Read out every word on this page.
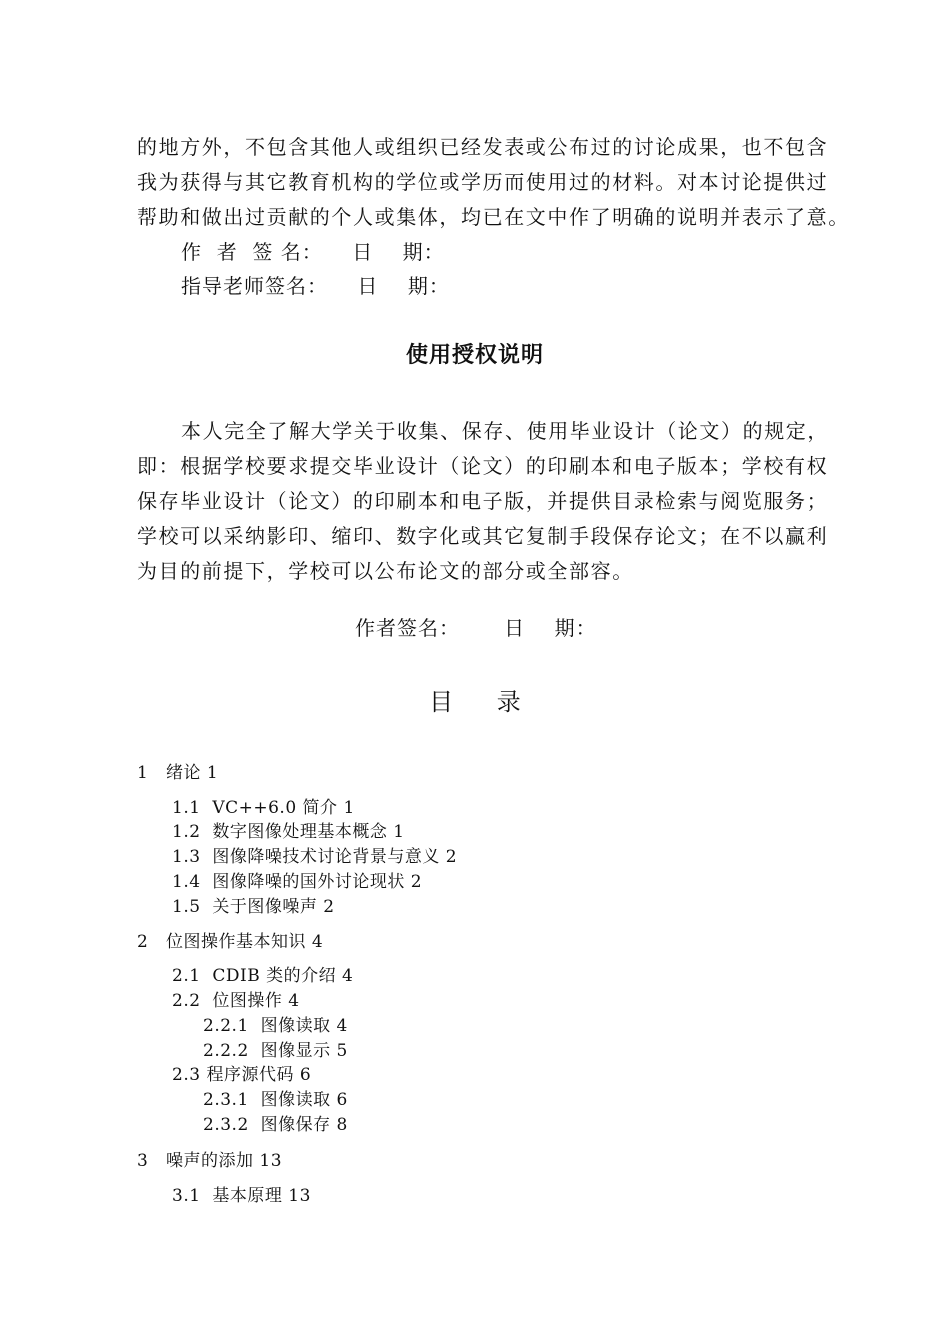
的地方外，不包含其他人或组织已经发表或公布过的讨论成果，也不包含

我为获得与其它教育机构的学位或学历而使用过的材料。对本讨论提供过

帮助和做出过贡献的个人或集体，均已在文中作了明确的说明并表示了意。

作  者  签 名：    日    期：
指导老师签名：    日    期：
使用授权说明

本人完全了解大学关于收集、保存、使用毕业设计（论文）的规定，

即：根据学校要求提交毕业设计（论文）的印刷本和电子版本；学校有权

保存毕业设计（论文）的印刷本和电子版，并提供目录检索与阅览服务；

学校可以采纳影印、缩印、数字化或其它复制手段保存论文；在不以赢利

为目的前提下，学校可以公布论文的部分或全部容。

作者签名：      日    期：
目 录
1   绪论 1
1.1  VC++6.0 简介 1
1.2  数字图像处理基本概念 1
1.3  图像降噪技术讨论背景与意义 2
1.4  图像降噪的国外讨论现状 2
1.5  关于图像噪声 2
2   位图操作基本知识 4
2.1  CDIB 类的介绍 4
2.2  位图操作 4
2.2.1  图像读取 4
2.2.2  图像显示 5
2.3 程序源代码 6
2.3.1  图像读取 6
2.3.2  图像保存 8
3   噪声的添加 13
3.1  基本原理 13
